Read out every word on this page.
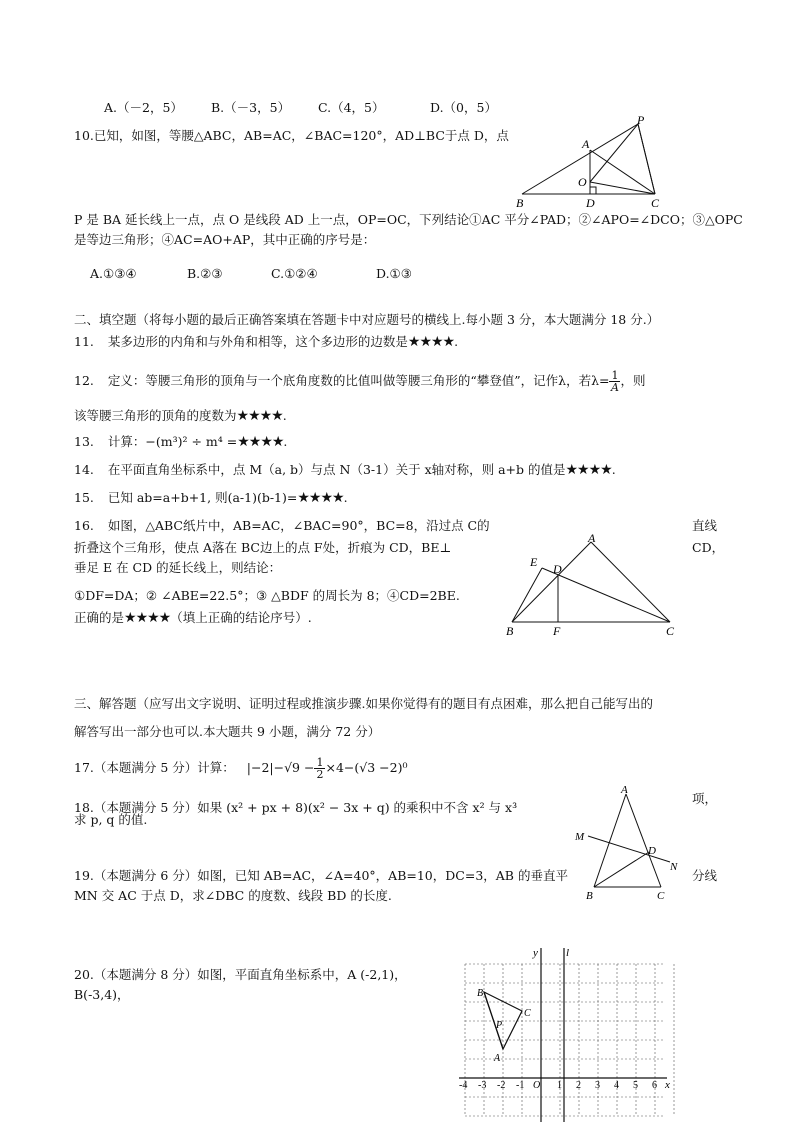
A.（－2，5） B.（－3，5） C.（4，5）	D.（0，5）
10.已知，如图，等腰△ABC，AB=AC，∠BAC=120°，AD⊥BC于点 D，点
P
A
O
B	D	C
P 是 BA 延长线上一点，点 O 是线段 AD 上一点，OP=OC，下列结论①AC 平分∠PAD；②∠APO=∠DCO；③△OPC
是等边三角形；④AC=AO+AP，其中正确的序号是：
A.①③④	B.②③	C.①②④	D.①③
二、填空题（将每小题的最后正确答案填在答题卡中对应题号的横线上.每小题 3 分，本大题满分 18 分.）
11. 某多边形的内角和与外角和相等，这个多边形的边数是★★★★.
12. 定义：等腰三角形的顶角与一个底角度数的比值叫做等腰三角形的“攀登值”，记作λ，若$\lambda= \frac{1}{A}$ ，则
该等腰三角形的顶角的度数为★★★★.
13. 计算：−(m³)² ÷ m⁴ =★★★★.
14. 在平面直角坐标系中，点 M（a, b）与点 N（3-1）关于 x轴对称，则 a+b 的值是★★★★.
15. 已知 ab=a+b+1, 则(a-1)(b-1)=★★★★.
16. 如图，△ABC纸片中，AB=AC，∠BAC=90°，BC=8，沿过点 C的	直线
折叠这个三角形，使点 A落在 BC边上的点 F处，折痕为 CD，BE⊥	CD，
垂足 E 在 CD 的延长线上，则结论：
①DF=DA；② ∠ABE=22.5°；③ △BDF 的周长为 8；④CD=2BE.
正确的是★★★★（填上正确的结论序号）.
A
E D
B	F	C
三、解答题（应写出文字说明、证明过程或推演步骤.如果你觉得有的题目有点困难，那么把自己能写出的
解答写出一部分也可以.本大题共 9 小题，满分 72 分）
17.（本题满分 5 分）计算： $|-2|-√9 - \frac{1}{2} \times 4-(√3 -2)^0$
18.（本题满分 5 分）如果 (x² + px + 8)(x² − 3x + q) 的乘积中不含 x² 与 x³
项，
求 p, q 的值.
A
M
D
N
B	C
19.（本题满分 6 分）如图，已知 AB=AC，∠A=40°，AB=10，DC=3，AB 的垂直平	分线
MN 交 AC 于点 D，求∠DBC 的度数、线段 BD 的长度.
20.（本题满分 8 分）如图，平面直角坐标系中，A (-2,1)，
B(-3,4)，
y	l
x
O
-4 -3 -2 -1	1 2 3 4 5 6
B
C
P
A
